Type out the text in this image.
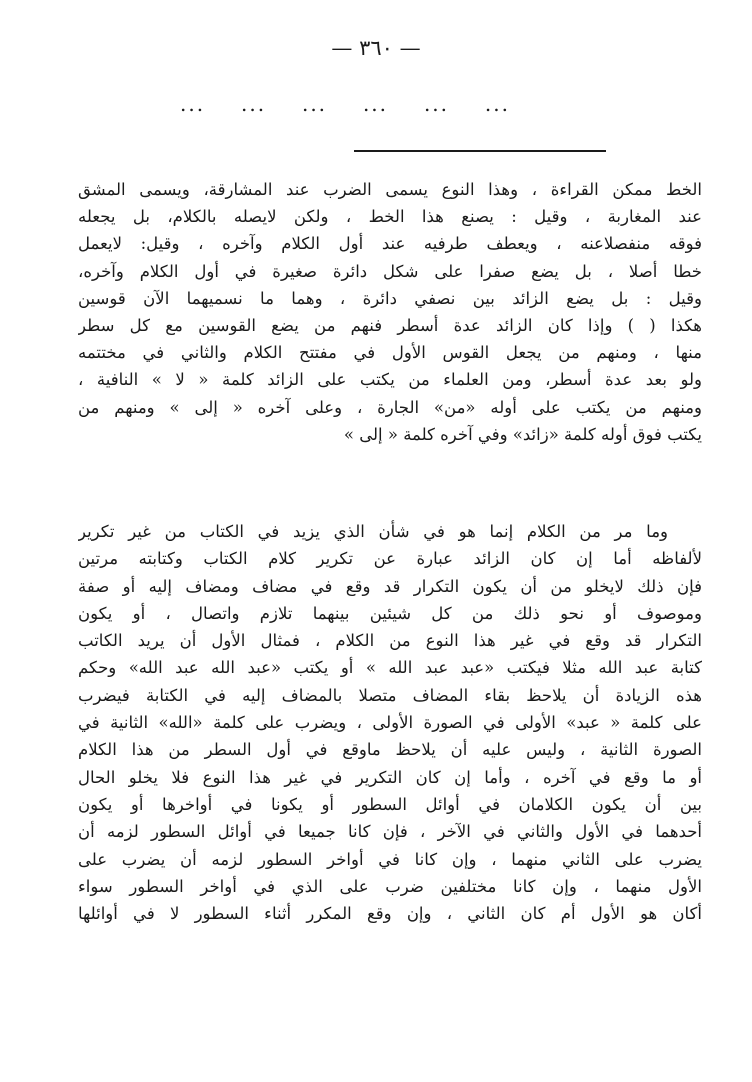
— ٣٦٠ —
... ... ... ... ... ...
الخط ممكن القراءة ، وهذا النوع يسمى الضرب عند المشارقة، ويسمى المشق
عند المغاربة ، وقيل : يصنع هذا الخط ، ولكن لايصله بالكلام، بل يجعله
فوقه منفصلاعنه ، ويعطف طرفيه عند أول الكلام وآخره ، وقيل: لايعمل
خطا أصلا ، بل يضع صفرا على شكل دائرة صغيرة في أول الكلام وآخره،
وقيل : بل يضع الزائد بين نصفي دائرة ، وهما ما نسميهما الآن قوسين
هكذا ( ) وإذا كان الزائد عدة أسطر فنهم من يضع القوسين مع كل سطر
منها ، ومنهم من يجعل القوس الأول في مفتتح الكلام والثاني في مختتمه
ولو بعد عدة أسطر، ومن العلماء من يكتب على الزائد كلمة « لا » النافية ،
ومنهم من يكتب على أوله «من» الجارة ، وعلى آخره « إلى » ومنهم من
يكتب فوق أوله كلمة «زائد» وفي آخره كلمة « إلى »
وما مر من الكلام إنما هو في شأن الذي يزيد في الكتاب من غير تكرير
لألفاظه أما إن كان الزائد عبارة عن تكرير كلام الكتاب وكتابته مرتين
فإن ذلك لايخلو من أن يكون التكرار قد وقع في مضاف ومضاف إليه أو صفة
وموصوف أو نحو ذلك من كل شيئين بينهما تلازم واتصال ، أو يكون
التكرار قد وقع في غير هذا النوع من الكلام ، فمثال الأول أن يريد الكاتب
كتابة عبد الله مثلا فيكتب «عبد عبد الله » أو يكتب «عبد الله عبد الله» وحكم
هذه الزيادة أن يلاحظ بقاء المضاف متصلا بالمضاف إليه في الكتابة فيضرب
على كلمة « عبد» الأولى في الصورة الأولى ، ويضرب على كلمة «الله» الثانية في
الصورة الثانية ، وليس عليه أن يلاحظ ماوقع في أول السطر من هذا الكلام
أو ما وقع في آخره ، وأما إن كان التكرير في غير هذا النوع فلا يخلو الحال
بين أن يكون الكلامان في أوائل السطور أو يكونا في أواخرها أو يكون
أحدهما في الأول والثاني في الآخر ، فإن كانا جميعا في أوائل السطور لزمه أن
يضرب على الثاني منهما ، وإن كانا في أواخر السطور لزمه أن يضرب على
الأول منهما ، وإن كانا مختلفين ضرب على الذي في أواخر السطور سواء
أكان هو الأول أم كان الثاني ، وإن وقع المكرر أثناء السطور لا في أوائلها
